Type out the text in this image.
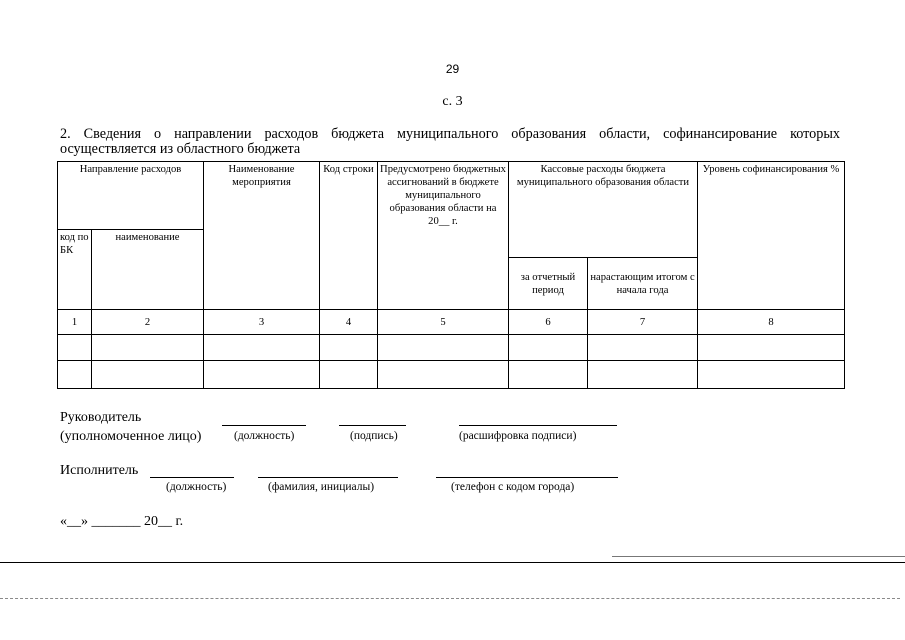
29
с. 3
2. Сведения о направлении расходов бюджета муниципального образования области, софинансирование которых осуществляется из областного бюджета
Направление расходов		Наименование мероприятия	Код строки	Предусмотрено бюджетных ассигнований в бюджете муниципального образования области на 20__ г.	Кассовые расходы бюджета муниципального образования области		Уровень софинансирования %
код по БК	наименование						
					за отчетный период	нарастающим итогом с начала года	
1	2	3	4	5	6	7	8

Руководитель
(уполномоченное лицо)	(должность)	(подпись)	(расшифровка подписи)
Исполнитель
(должность)	(фамилия, инициалы)	(телефон с кодом города)
«__» _______ 20__ г.
